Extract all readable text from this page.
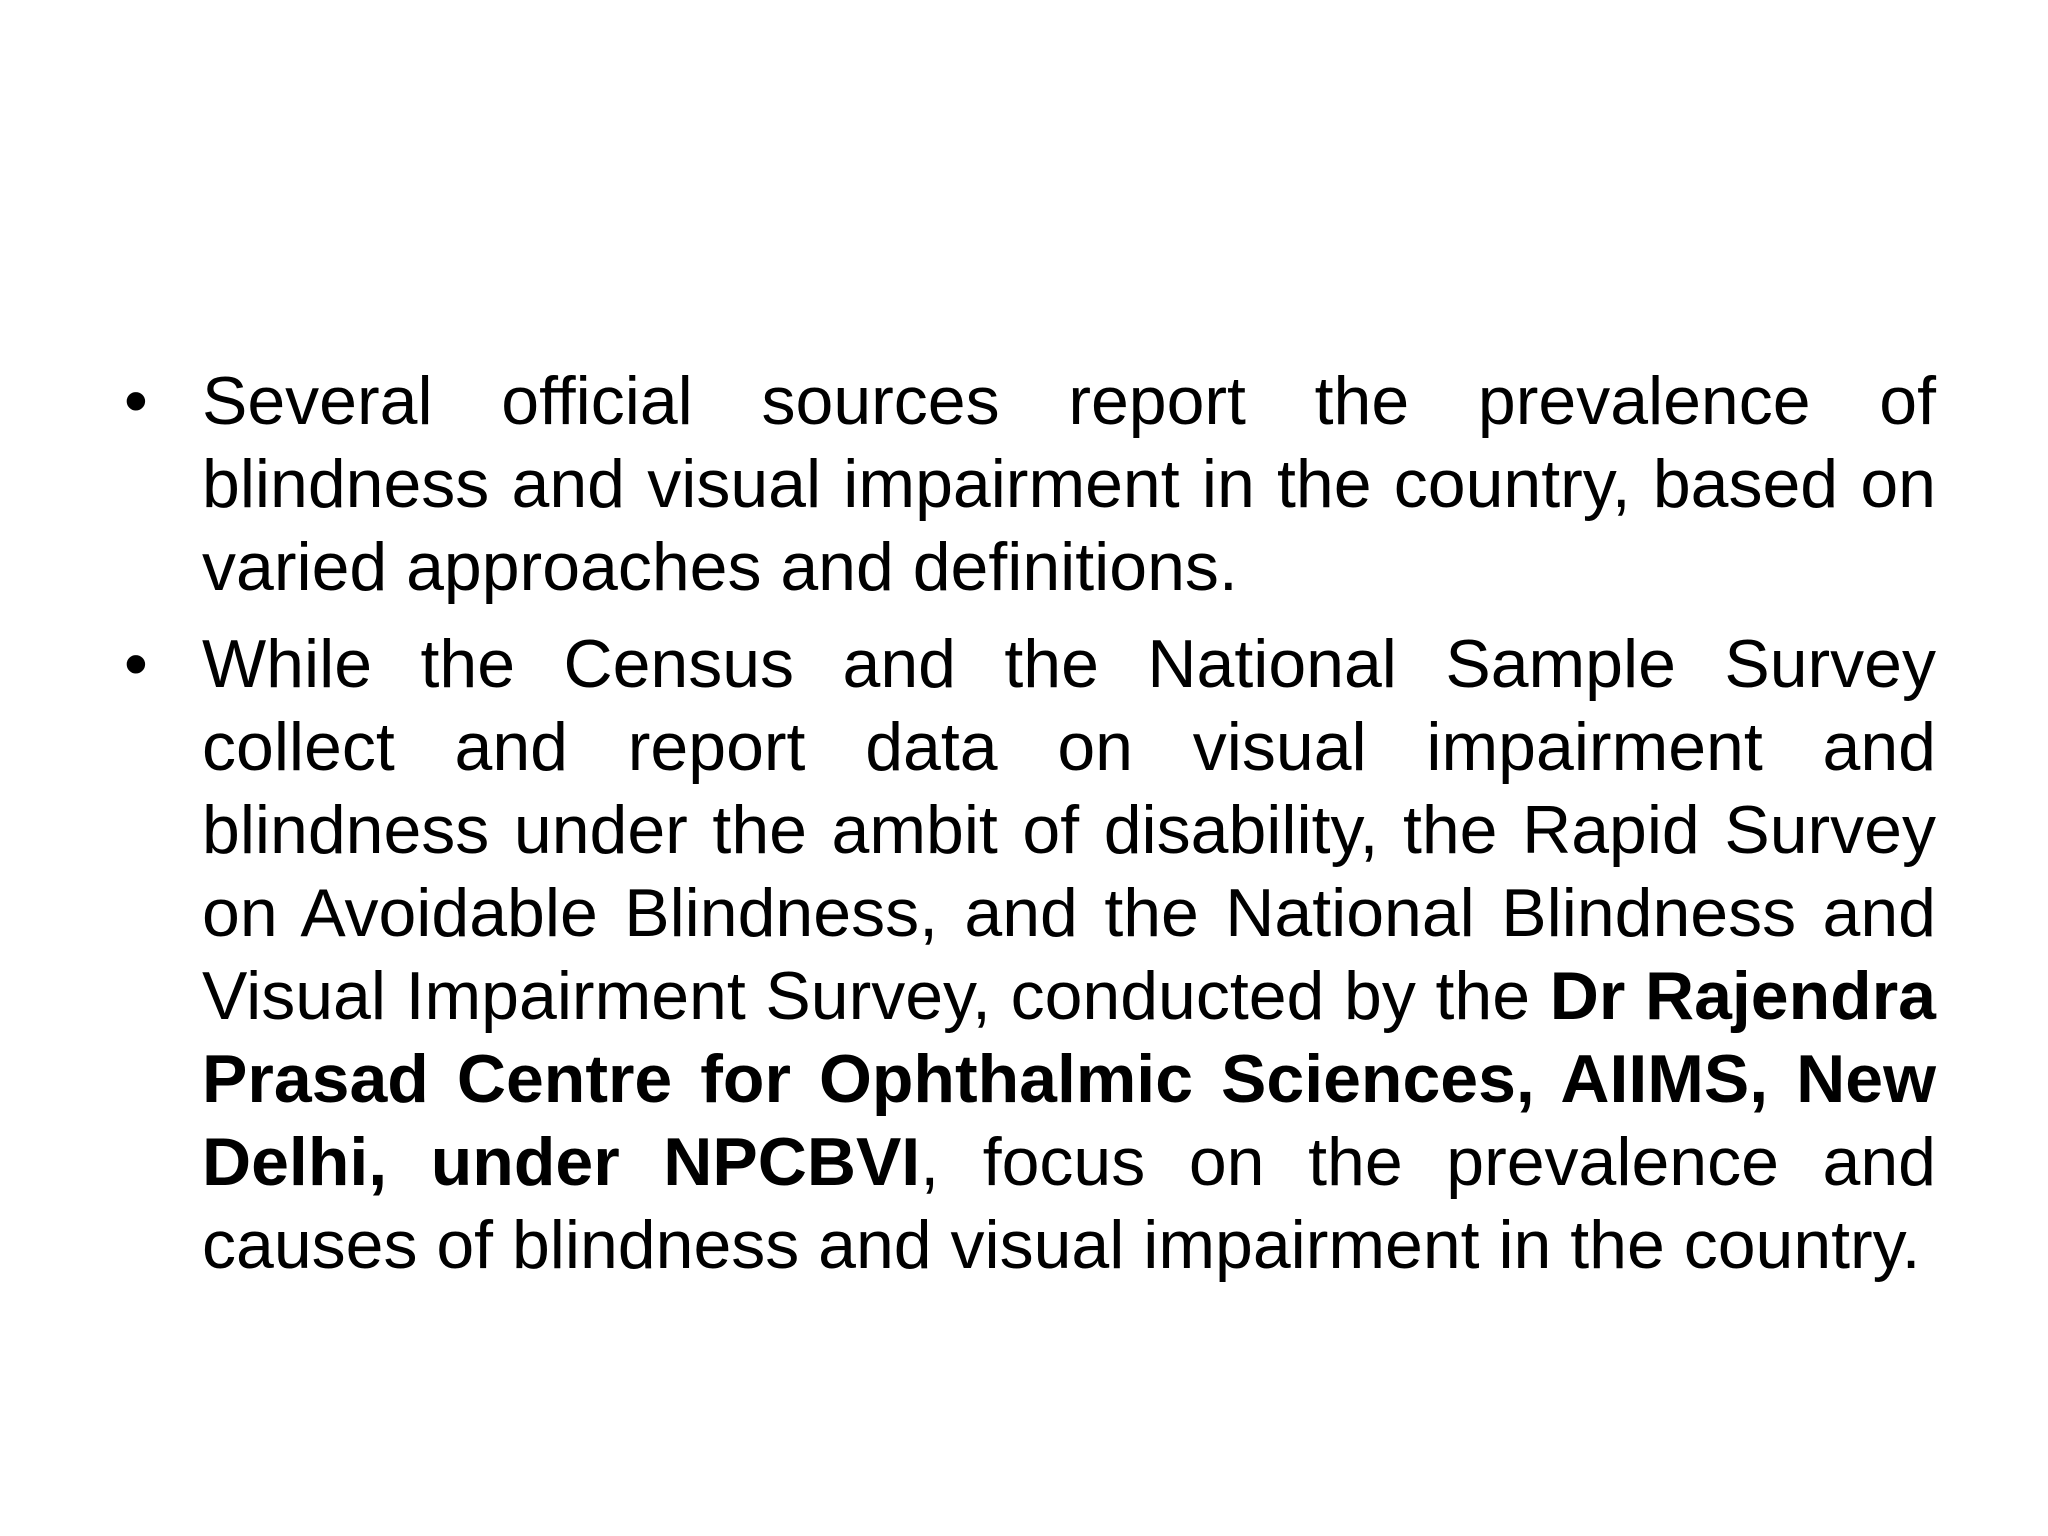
• Several official sources report the prevalence of blindness and visual impairment in the country, based on varied approaches and definitions.
• While the Census and the National Sample Survey collect and report data on visual impairment and blindness under the ambit of disability, the Rapid Survey on Avoidable Blindness, and the National Blindness and Visual Impairment Survey, conducted by the Dr Rajendra Prasad Centre for Ophthalmic Sciences, AIIMS, New Delhi, under NPCBVI, focus on the prevalence and causes of blindness and visual impairment in the country.
